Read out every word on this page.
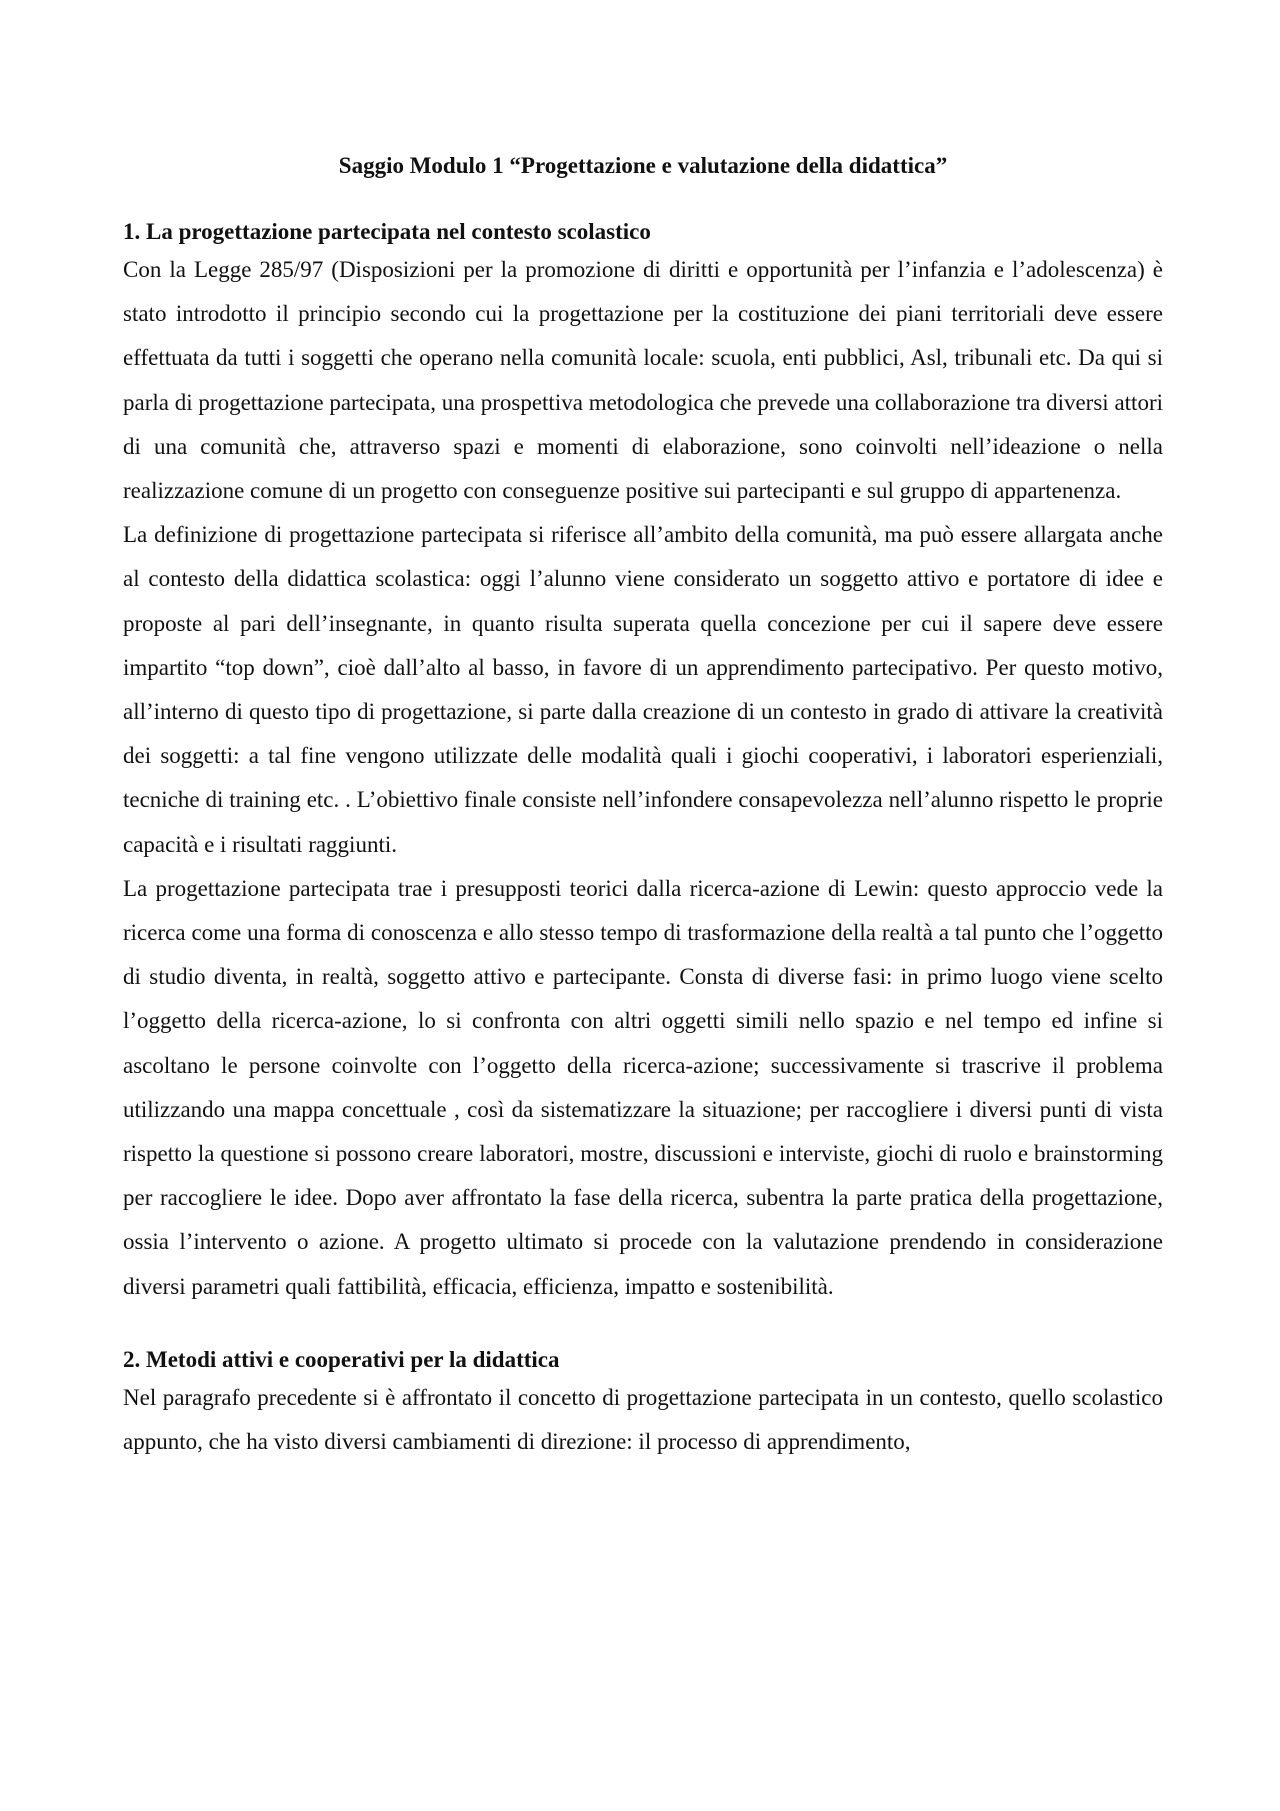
Saggio Modulo 1 “Progettazione e valutazione della didattica”
1. La progettazione partecipata nel contesto scolastico

Con la Legge 285/97 (Disposizioni per la promozione di diritti e opportunità per l’infanzia e l’adolescenza) è stato introdotto il principio secondo cui la progettazione per la costituzione dei piani territoriali deve essere effettuata da tutti i soggetti che operano nella comunità locale: scuola, enti pubblici, Asl, tribunali etc. Da qui si parla di progettazione partecipata, una prospettiva metodologica che prevede una collaborazione tra diversi attori di una comunità che, attraverso spazi e momenti di elaborazione, sono coinvolti nell’ideazione o nella realizzazione comune di un progetto con conseguenze positive sui partecipanti e sul gruppo di appartenenza.

La definizione di progettazione partecipata si riferisce all’ambito della comunità, ma può essere allargata anche al contesto della didattica scolastica: oggi l’alunno viene considerato un soggetto attivo e portatore di idee e proposte al pari dell’insegnante, in quanto risulta superata quella concezione per cui il sapere deve essere impartito “top down”, cioè dall’alto al basso, in favore di un apprendimento partecipativo. Per questo motivo, all’interno di questo tipo di progettazione, si parte dalla creazione di un contesto in grado di attivare la creatività dei soggetti: a tal fine vengono utilizzate delle modalità quali i giochi cooperativi, i laboratori esperienziali, tecniche di training etc. . L’obiettivo finale consiste nell’infondere consapevolezza nell’alunno rispetto le proprie capacità e i risultati raggiunti.

La progettazione partecipata trae i presupposti teorici dalla ricerca-azione di Lewin: questo approccio vede la ricerca come una forma di conoscenza e allo stesso tempo di trasformazione della realtà a tal punto che l’oggetto di studio diventa, in realtà, soggetto attivo e partecipante. Consta di diverse fasi: in primo luogo viene scelto l’oggetto della ricerca-azione, lo si confronta con altri oggetti simili nello spazio e nel tempo ed infine si ascoltano le persone coinvolte con l’oggetto della ricerca-azione; successivamente si trascrive il problema utilizzando una mappa concettuale , così da sistematizzare la situazione; per raccogliere i diversi punti di vista rispetto la questione si possono creare laboratori, mostre, discussioni e interviste, giochi di ruolo e brainstorming per raccogliere le idee. Dopo aver affrontato la fase della ricerca, subentra la parte pratica della progettazione, ossia l’intervento o azione. A progetto ultimato si procede con la valutazione prendendo in considerazione diversi parametri quali fattibilità, efficacia, efficienza, impatto e sostenibilità.

2. Metodi attivi e cooperativi per la didattica

Nel paragrafo precedente si è affrontato il concetto di progettazione partecipata in un contesto, quello scolastico appunto, che ha visto diversi cambiamenti di direzione: il processo di apprendimento,
